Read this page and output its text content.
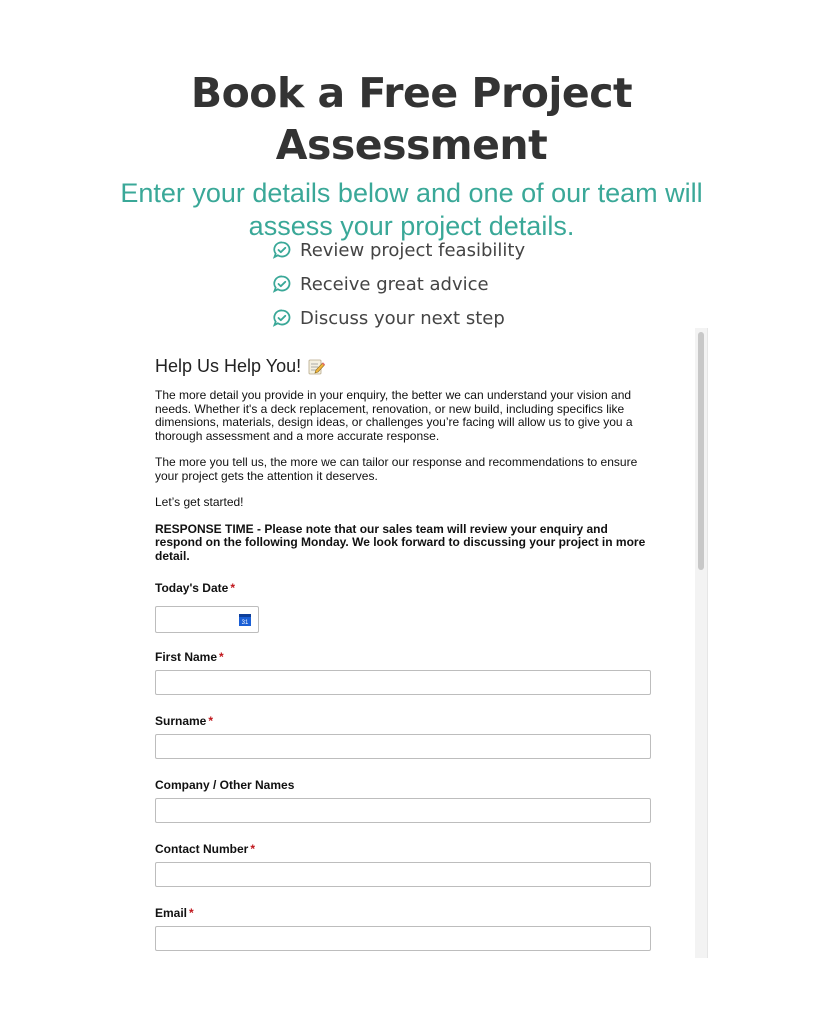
Book a Free Project
Assessment

Enter your details below and one of our team will assess your project details.

Review project feasibility
Receive great advice
Discuss your next step
Help Us Help You!

The more detail you provide in your enquiry, the better we can understand your vision and needs. Whether it's a deck replacement, renovation, or new build, including specifics like dimensions, materials, design ideas, or challenges you’re facing will allow us to give you a thorough assessment and a more accurate response.

The more you tell us, the more we can tailor our response and recommendations to ensure your project gets the attention it deserves.

Let’s get started!

RESPONSE TIME - Please note that our sales team will review your enquiry and respond on the following Monday. We look forward to discussing your project in more detail.

Today's Date *
31
First Name *
Surname *
Company / Other Names
Contact Number *
Email *
